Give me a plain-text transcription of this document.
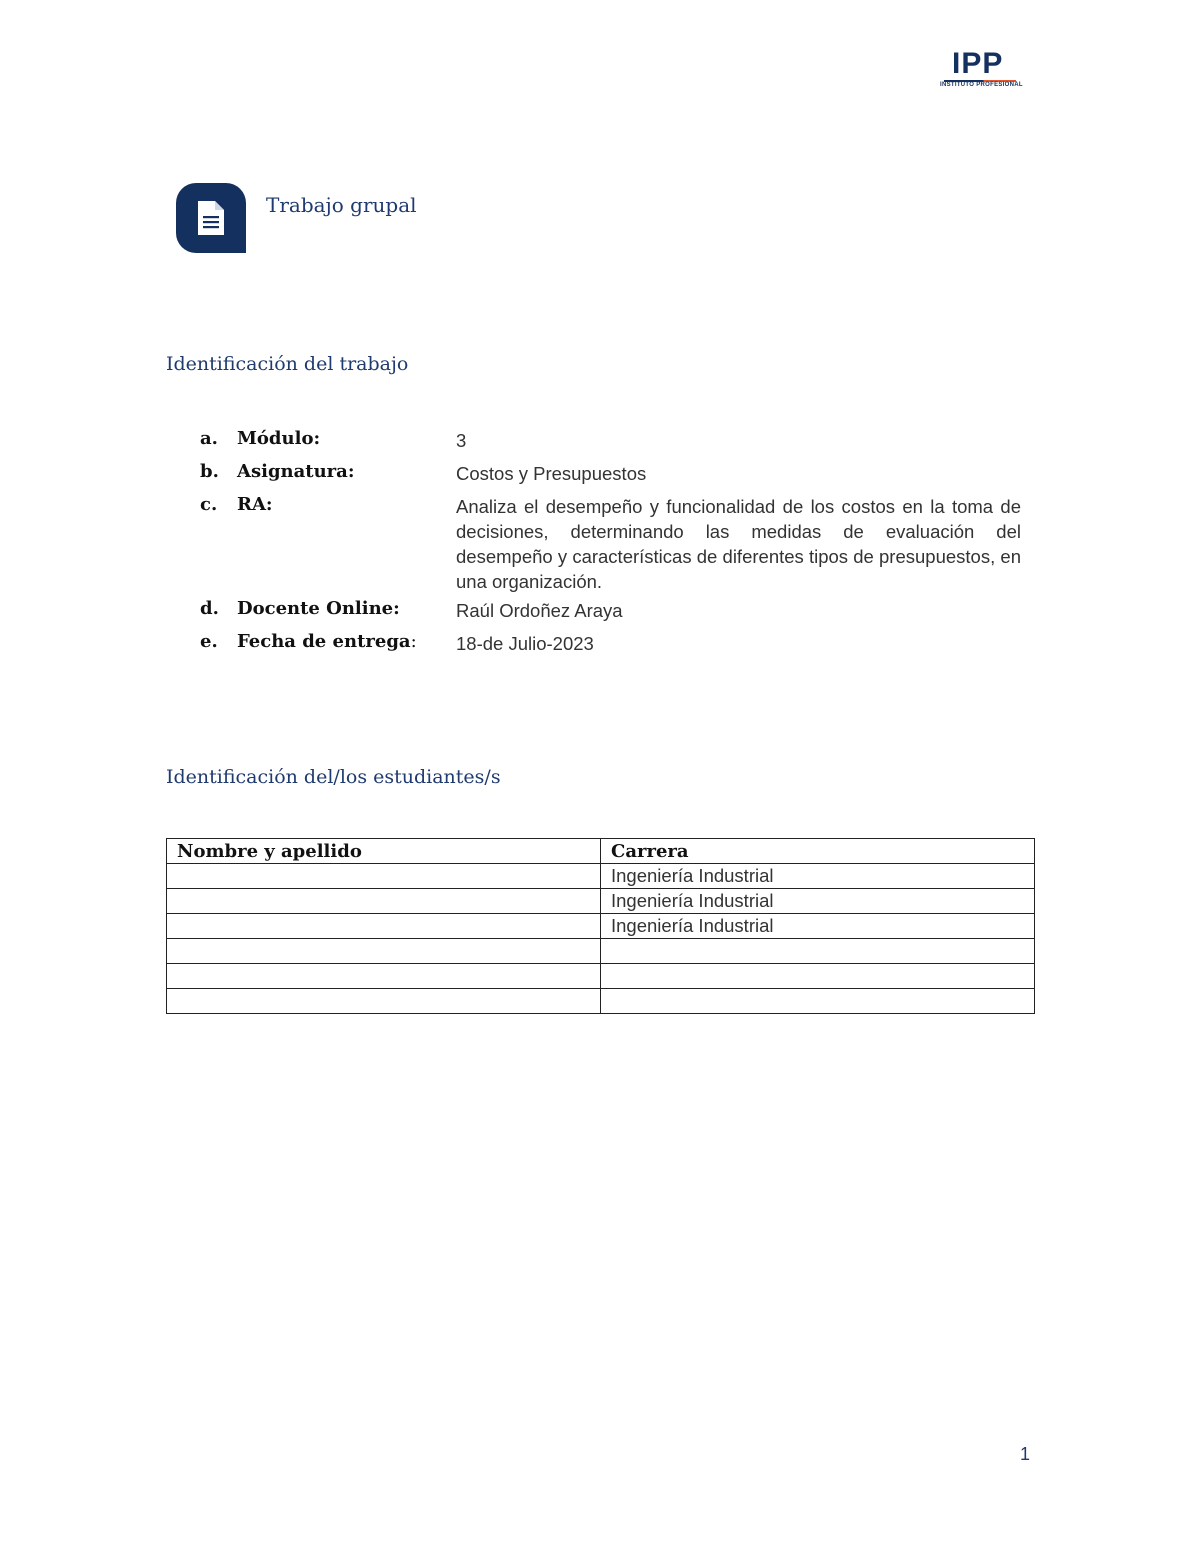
IPP
INSTITUTO PROFESIONAL
Trabajo grupal
Identificación del trabajo
a. Módulo:	3
b. Asignatura:	Costos y Presupuestos
c. RA:	Analiza el desempeño y funcionalidad de los costos en la toma de decisiones, determinando las medidas de evaluación del desempeño y características de diferentes tipos de presupuestos, en una organización.
d. Docente Online:	Raúl Ordoñez Araya
e. Fecha de entrega: 18-de Julio-2023
Identificación del/los estudiantes/s
Nombre y apellido	Carrera
	Ingeniería Industrial
	Ingeniería Industrial
	Ingeniería Industrial

1
